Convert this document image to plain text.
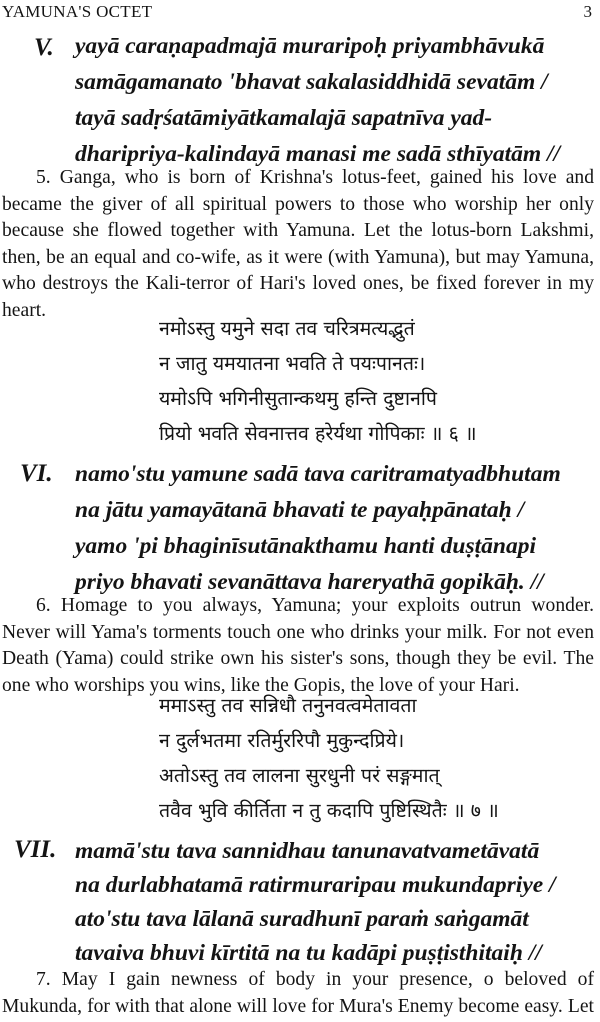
YAMUNA'S OCTET	3
V. yayā caraṇapadmajā muraripoḥ priyambhāvukā

samāgamanato 'bhavat sakalasiddhidā sevatām /

tayā sadṛśatāmiyātkamalajā sapatnīva yad-

dharipriya-kalindayā manasi me sadā sthīyatām //

5. Ganga, who is born of Krishna's lotus-feet, gained his love and
became the giver of all spiritual powers to those who worship her only
because she flowed together with Yamuna. Let the lotus-born Lakshmi,
then, be an equal and co-wife, as it were (with Yamuna), but may Yamuna,
who destroys the Kali-terror of Hari's loved ones, be fixed forever in my
heart.

नमोऽस्तु यमुने सदा तव चरित्रमत्यद्भुतं

न जातु यमयातना भवति ते पयःपानतः।

यमोऽपि भगिनीसुतान्कथमु हन्ति दुष्टानपि

प्रियो भवति सेवनात्तव हरेर्यथा गोपिकाः ॥ ६ ॥

VI. namo'stu yamune sadā tava caritramatyadbhutam

na jātu yamayātanā bhavati te payaḥpānataḥ /

yamo 'pi bhaginīsutānakthamu hanti duṣṭānapi

priyo bhavati sevanāttava hareryathā gopikāḥ. //

6. Homage to you always, Yamuna; your exploits outrun wonder.
Never will Yama's torments touch one who drinks your milk. For not even
Death (Yama) could strike own his sister's sons, though they be evil. The
one who worships you wins, like the Gopis, the love of your Hari.

ममाऽस्तु तव सन्निधौ तनुनवत्वमेतावता

न दुर्लभतमा रतिर्मुररिपौ मुकुन्दप्रिये।

अतोऽस्तु तव लालना सुरधुनी परं सङ्गमात्

तवैव भुवि कीर्तिता न तु कदापि पुष्टिस्थितैः ॥ ७ ॥

VII. mamā'stu tava sannidhau tanunavatvametāvatā

na durlabhatamā ratirmuraripau mukundapriye /

ato'stu tava lālanā suradhunī paraṁ saṅgamāt

tavaiva bhuvi kīrtitā na tu kadāpi puṣṭisthitaiḥ //

7. May I gain newness of body in your presence, o beloved of
Mukunda, for with that alone will love for Mura's Enemy become easy. Let
